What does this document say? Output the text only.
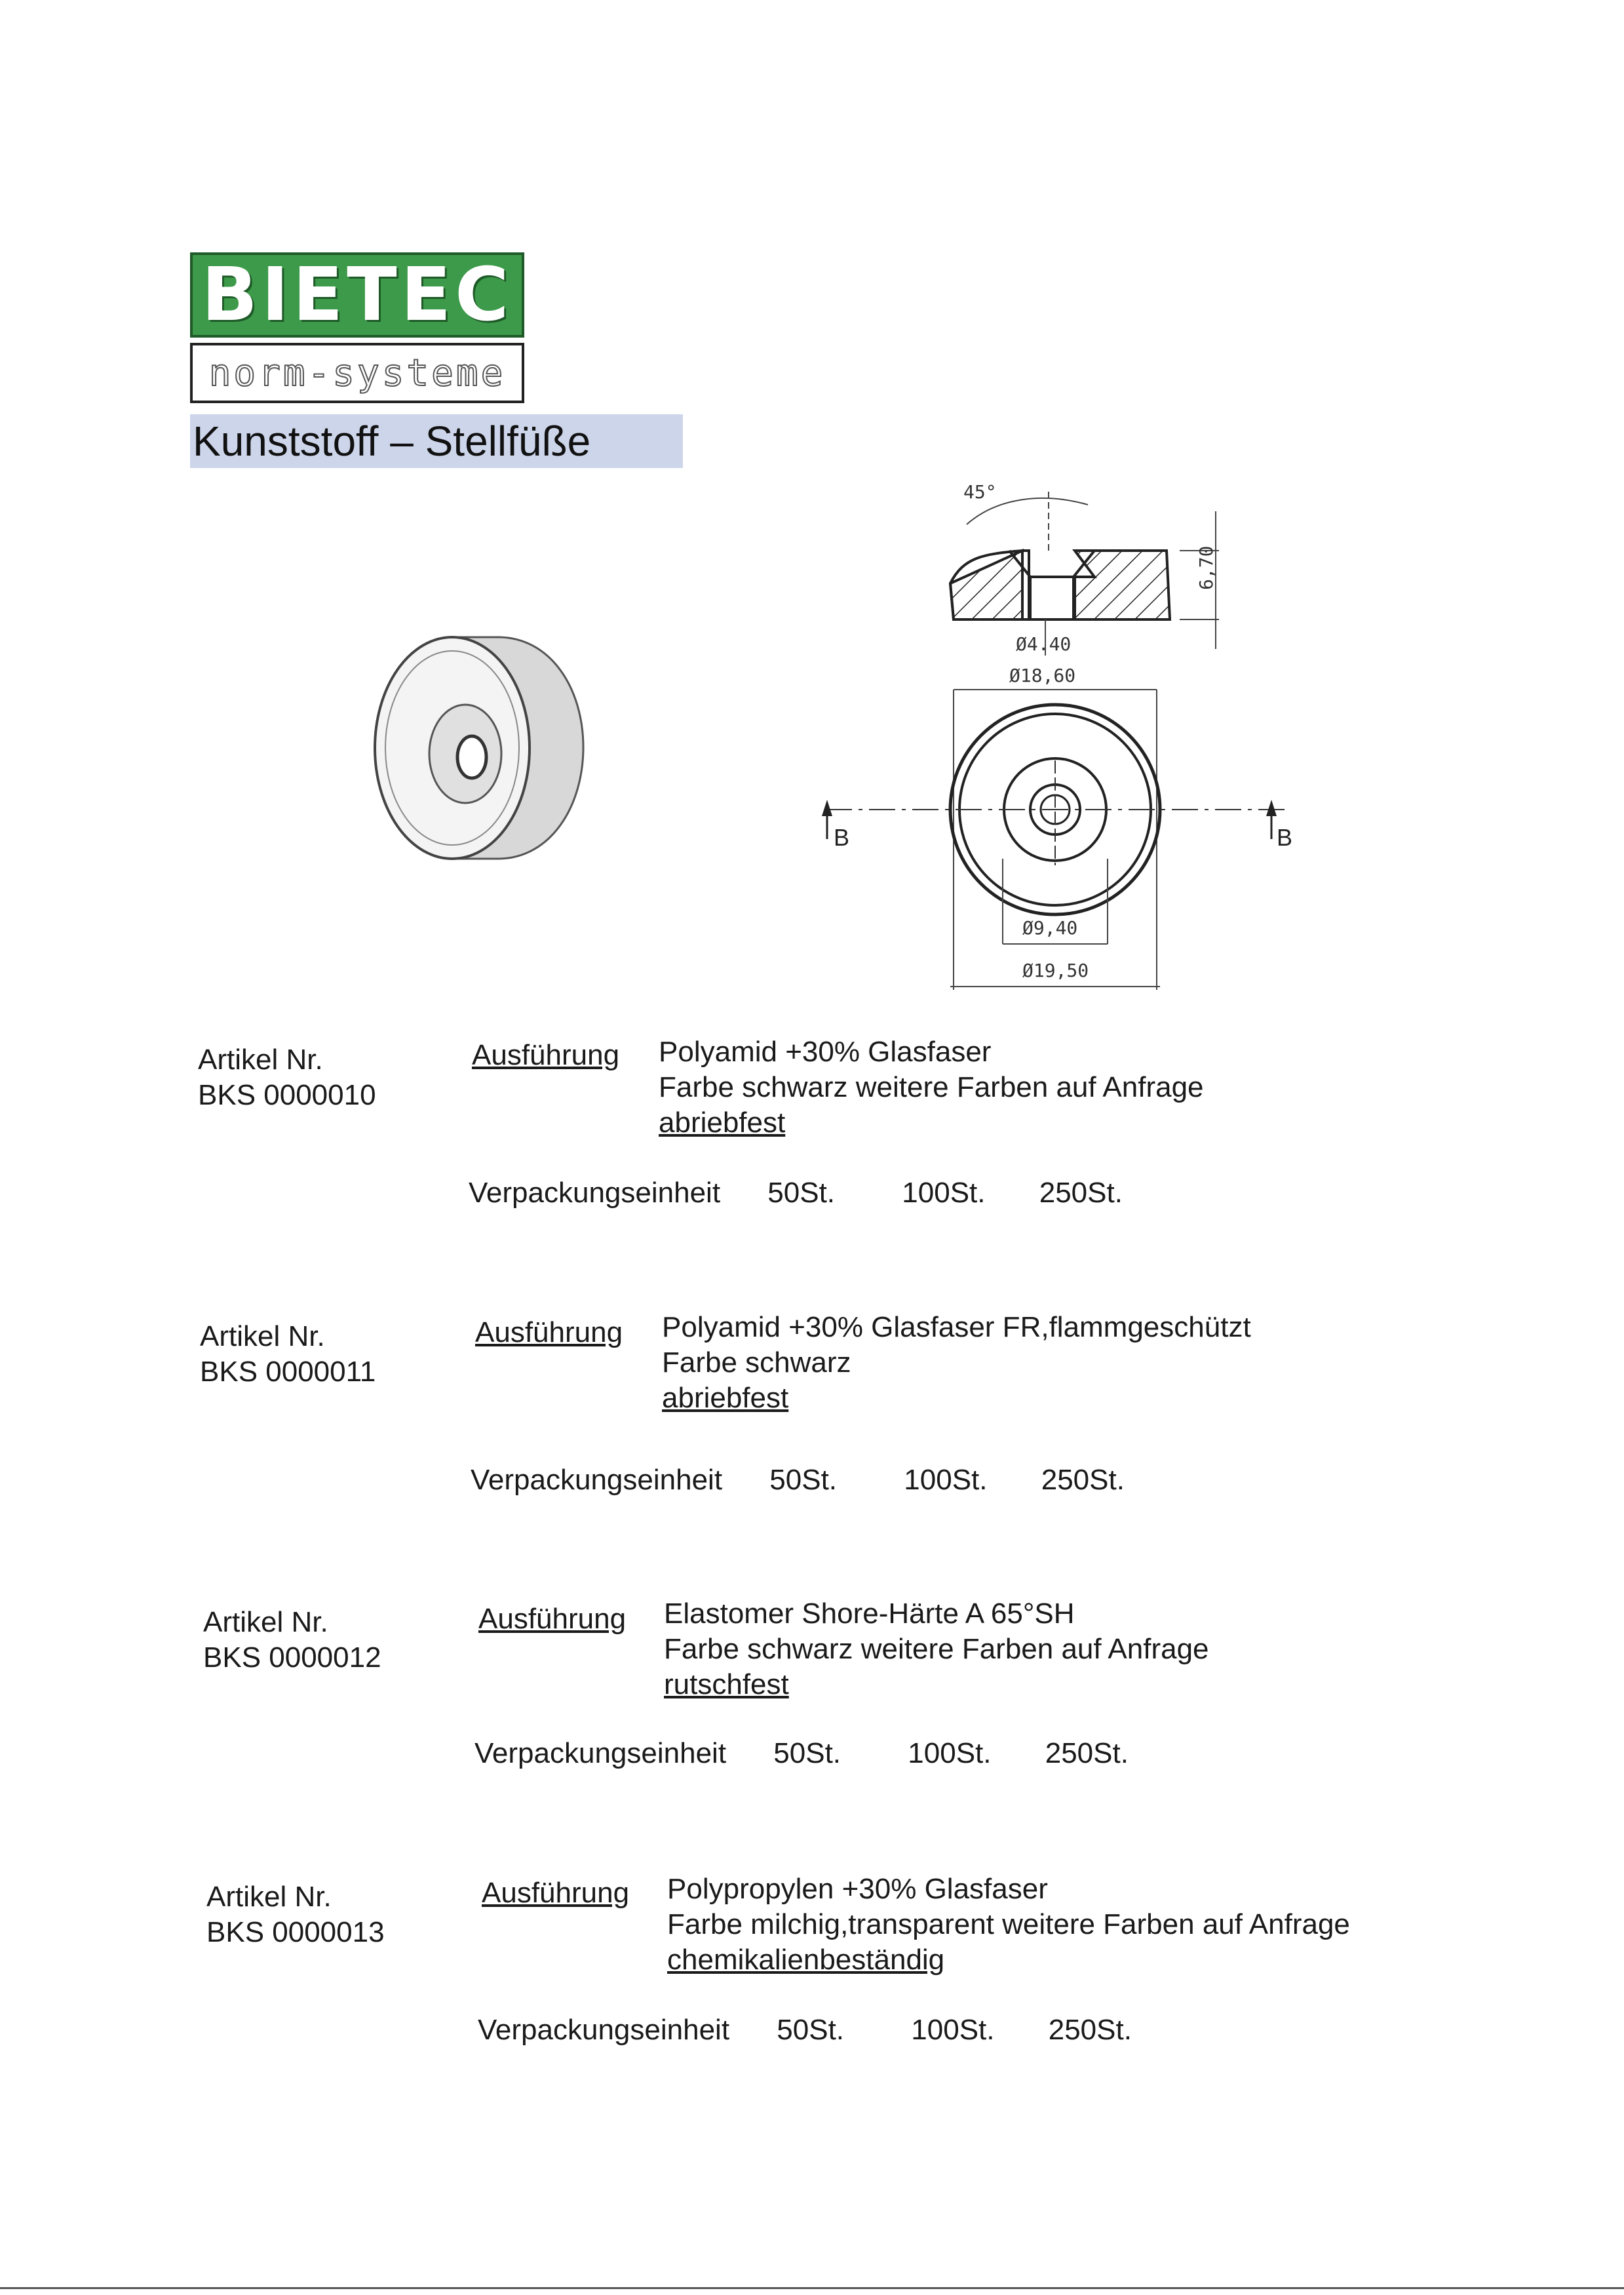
BIETEC
norm-systeme
Kunststoff – Stellfüße
45°
6,70
Ø4.40
Ø18,60
B	B
Ø9,40
Ø19,50
Artikel Nr.
BKS 0000010
Ausführung Polyamid +30% Glasfaser
Farbe schwarz weitere Farben auf Anfrage
abriebfest
Verpackungseinheit 50St. 100St. 250St.
Artikel Nr.
BKS 0000011
Ausführung Polyamid +30% Glasfaser FR,flammgeschützt
Farbe schwarz
abriebfest
Verpackungseinheit 50St. 100St. 250St.
Artikel Nr.
BKS 0000012
Ausführung Elastomer Shore-Härte A 65°SH
Farbe schwarz weitere Farben auf Anfrage
rutschfest
Verpackungseinheit 50St. 100St. 250St.
Artikel Nr.
BKS 0000013
Ausführung Polypropylen +30% Glasfaser
Farbe milchig,transparent weitere Farben auf Anfrage
chemikalienbeständig
Verpackungseinheit 50St. 100St. 250St.
